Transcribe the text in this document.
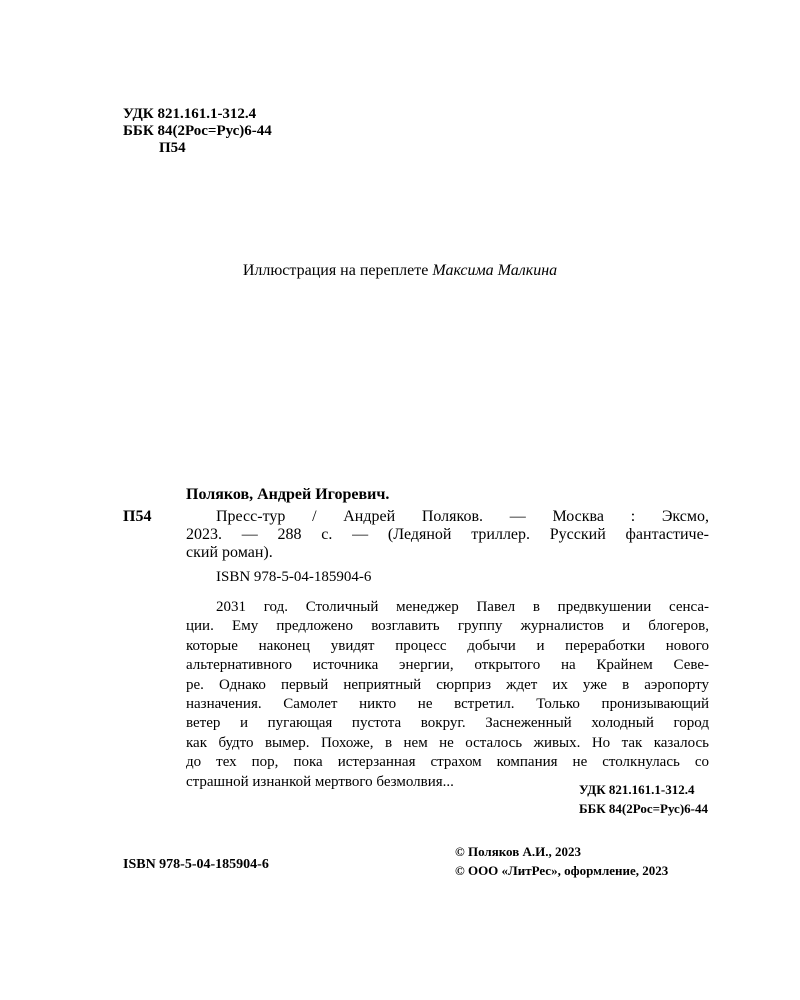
УДК 821.161.1-312.4
ББК 84(2Рос=Рус)6-44
П54
Иллюстрация на переплете Максима Малкина
Поляков, Андрей Игоревич.
П54	Пресс-тур / Андрей Поляков. — Москва : Эксмо,
2023. — 288 с. — (Ледяной триллер. Русский фантастиче-
ский роман).
ISBN 978-5-04-185904-6
2031 год. Столичный менеджер Павел в предвкушении сенса-
ции. Ему предложено возглавить группу журналистов и блогеров,
которые наконец увидят процесс добычи и переработки нового
альтернативного источника энергии, открытого на Крайнем Севе-
ре. Однако первый неприятный сюрприз ждет их уже в аэропорту
назначения. Самолет никто не встретил. Только пронизывающий
ветер и пугающая пустота вокруг. Заснеженный холодный город
как будто вымер. Похоже, в нем не осталось живых. Но так казалось
до тех пор, пока истерзанная страхом компания не столкнулась со
страшной изнанкой мертвого безмолвия...	УДК 821.161.1-312.4
ББК 84(2Рос=Рус)6-44
ISBN 978-5-04-185904-6
© Поляков А.И., 2023
© ООО «ЛитРес», оформление, 2023
